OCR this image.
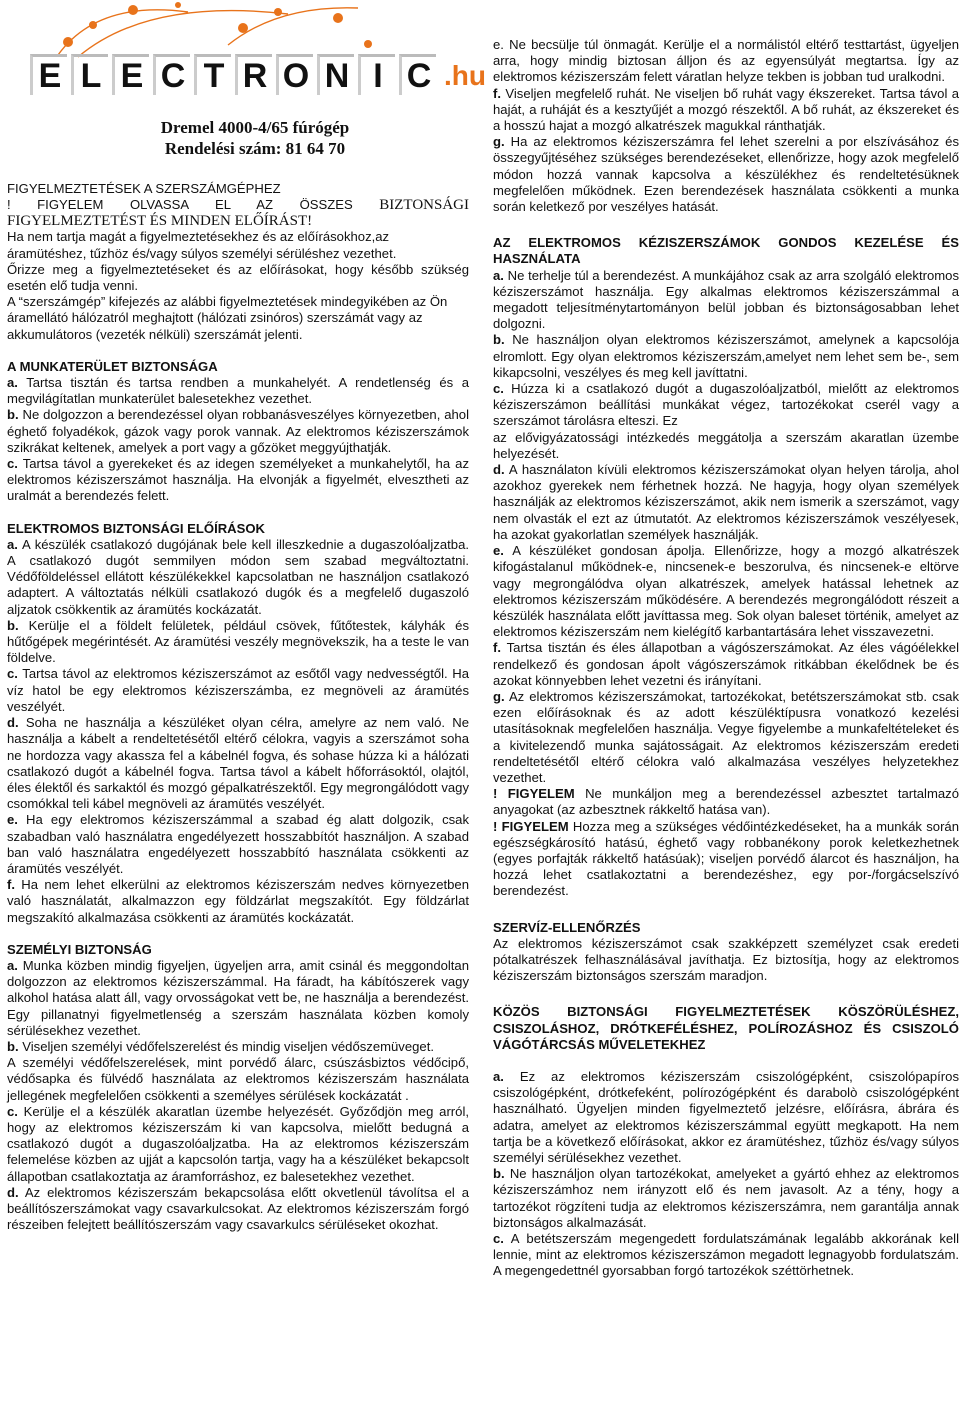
E L E C T R O N I C .hu
Dremel 4000-4/65 fúrógép
Rendelési szám: 81 64 70

FIGYELMEZTETÉSEK A SZERSZÁMGÉPHEZ

! FIGYELEM OLVASSA EL AZ ÖSSZES BIZTONSÁGI

FIGYELMEZTETÉST ÉS MINDEN ELŐÍRÁST!

Ha nem tartja magát a figyelmeztetésekhez és az előírásokhoz,az áramütéshez, tűzhöz és/vagy súlyos személyi sérüléshez vezethet.

Őrizze meg a figyelmeztetéseket és az előírásokat, hogy később szükség esetén elő tudja venni.

A “szerszámgép” kifejezés az alábbi figyelmeztetések mindegyikében az Ön áramellátó hálózatról meghajtott (hálózati zsinóros) szerszámát vagy az akkumulátoros (vezeték nélküli) szerszámát jelenti.

A MUNKATERÜLET BIZTONSÁGA

a. Tartsa tisztán és tartsa rendben a munkahelyét. A rendetlenség és a megvilágítatlan munkaterület balesetekhez vezethet.

b. Ne dolgozzon a berendezéssel olyan robbanásveszélyes környezetben, ahol éghető folyadékok, gázok vagy porok vannak. Az elektromos kéziszerszámok szikrákat keltenek, amelyek a port vagy a gőzöket meggyújthatják.

c. Tartsa távol a gyerekeket és az idegen személyeket a munkahelytől, ha az elektromos kéziszerszámot használja. Ha elvonják a figyelmét, elvesztheti az uralmát a berendezés felett.

ELEKTROMOS BIZTONSÁGI ELŐÍRÁSOK

a. A készülék csatlakozó dugójának bele kell illeszkednie a dugaszolóaljzatba. A csatlakozó dugót semmilyen módon sem szabad megváltoztatni. Védőföldeléssel ellátott készülékekkel kapcsolatban ne használjon csatlakozó adaptert. A változtatás nélküli csatlakozó dugók és a megfelelő dugaszoló aljzatok csökkentik az áramütés kockázatát.

b. Kerülje el a földelt felületek, például csövek, fűtőtestek, kályhák és hűtőgépek megérintését. Az áramütési veszély megnövekszik, ha a teste le van földelve.

c. Tartsa távol az elektromos kéziszerszámot az esőtől vagy nedvességtől. Ha víz hatol be egy elektromos kéziszerszámba, ez megnöveli az áramütés veszélyét.

d. Soha ne használja a készüléket olyan célra, amelyre az nem való. Ne használja a kábelt a rendeltetésétől eltérő célokra, vagyis a szerszámot soha ne hordozza vagy akassza fel a kábelnél fogva, és sohase húzza ki a hálózati csatlakozó dugót a kábelnél fogva. Tartsa távol a kábelt hőforrásoktól, olajtól, éles élektől és sarkaktól és mozgó gépalkatrészektől. Egy megrongálódott vagy csomókkal teli kábel megnöveli az áramütés veszélyét.

e. Ha egy elektromos kéziszerszámmal a szabad ég alatt dolgozik, csak szabadban való használatra engedélyezett hosszabbítót használjon. A szabad ban való használatra engedélyezett hosszabbító használata csökkenti az áramütés veszélyét.

f. Ha nem lehet elkerülni az elektromos kéziszerszám nedves környezetben való használatát, alkalmazzon egy földzárlat megszakítót. Egy földzárlat megszakító alkalmazása csökkenti az áramütés kockázatát.

SZEMÉLYI BIZTONSÁG

a. Munka közben mindig figyeljen, ügyeljen arra, amit csinál és meggondoltan dolgozzon az elektromos kéziszerszámmal. Ha fáradt, ha kábítószerek vagy alkohol hatása alatt áll, vagy orvosságokat vett be, ne használja a berendezést. Egy pillanatnyi figyelmetlenség a szerszám használata közben komoly sérülésekhez vezethet.

b. Viseljen személyi védőfelszerelést és mindig viseljen védőszemüveget.

A személyi védőfelszerelések, mint porvédő álarc, csúszásbiztos védőcipő, védősapka és fülvédő használata az elektromos kéziszerszám használata jellegének megfelelően csökkenti a személyes sérülések kockázatát .

c. Kerülje el a készülék akaratlan üzembe helyezését. Győződjön meg arról, hogy az elektromos kéziszerszám ki van kapcsolva, mielőtt bedugná a csatlakozó dugót a dugaszolóaljzatba. Ha az elektromos kéziszerszám felemelése közben az ujját a kapcsolón tartja, vagy ha a készüléket bekapcsolt állapotban csatlakoztatja az áramforráshoz, ez balesetekhez vezethet.

d. Az elektromos kéziszerszám bekapcsolása előtt okvetlenül távolítsa el a beállítószerszámokat vagy csavarkulcsokat. Az elektromos kéziszerszám forgó részeiben felejtett beállítószerszám vagy csavarkulcs sérüléseket okozhat.

e. Ne becsülje túl önmagát. Kerülje el a normálistól eltérő testtartást, ügyeljen arra, hogy mindig biztosan álljon és az egyensúlyát megtartsa. Így az elektromos kéziszerszám felett váratlan helyze tekben is jobban tud uralkodni.

f. Viseljen megfelelő ruhát. Ne viseljen bő ruhát vagy ékszereket. Tartsa távol a haját, a ruháját és a kesztyűjét a mozgó részektől. A bő ruhát, az ékszereket és a hosszú hajat a mozgó alkatrészek magukkal ránthatják.

g. Ha az elektromos kéziszerszámra fel lehet szerelni a por elszívásához és összegyűjtéséhez szükséges berendezéseket, ellenőrizze, hogy azok megfelelő módon hozzá vannak kapcsolva a készülékhez és rendeltetésüknek megfelelően működnek. Ezen berendezések használata csökkenti a munka során keletkező por veszélyes hatását.

AZ ELEKTROMOS KÉZISZERSZÁMOK GONDOS KEZELÉSE ÉS HASZNÁLATA

a. Ne terhelje túl a berendezést. A munkájához csak az arra szolgáló elektromos kéziszerszámot használja. Egy alkalmas elektromos kéziszerszámmal a megadott teljesítménytartományon belül jobban és biztonságosabban lehet dolgozni.

b. Ne használjon olyan elektromos kéziszerszámot, amelynek a kapcsolója elromlott. Egy olyan elektromos kéziszerszám,amelyet nem lehet sem be-, sem kikapcsolni, veszélyes és meg kell javíttatni.

c. Húzza ki a csatlakozó dugót a dugaszolóaljzatból, mielőtt az elektromos kéziszerszámon beállítási munkákat végez, tartozékokat cserél vagy a szerszámot tárolásra elteszi. Ez

az elővigyázatossági intézkedés meggátolja a szerszám akaratlan üzembe helyezését.

d. A használaton kívüli elektromos kéziszerszámokat olyan helyen tárolja, ahol azokhoz gyerekek nem férhetnek hozzá. Ne hagyja, hogy olyan személyek használják az elektromos kéziszerszámot, akik nem ismerik a szerszámot, vagy nem olvasták el ezt az útmutatót. Az elektromos kéziszerszámok veszélyesek, ha azokat gyakorlatlan személyek használják.

e. A készüléket gondosan ápolja. Ellenőrizze, hogy a mozgó alkatrészek kifogástalanul működnek-e, nincsenek-e beszorulva, és nincsenek-e eltörve vagy megrongálódva olyan alkatrészek, amelyek hatással lehetnek az elektromos kéziszerszám működésére. A berendezés megrongálódott részeit a készülék használata előtt javíttassa meg. Sok olyan baleset történik, amelyet az elektromos kéziszerszám nem kielégítő karbantartására lehet visszavezetni.

f. Tartsa tisztán és éles állapotban a vágószerszámokat. Az éles vágóélekkel rendelkező és gondosan ápolt vágószerszámok ritkábban ékelődnek be és azokat könnyebben lehet vezetni és irányítani.

g. Az elektromos kéziszerszámokat, tartozékokat, betétszerszámokat stb. csak ezen előírásoknak és az adott készüléktípusra vonatkozó kezelési utasításoknak megfelelően használja. Vegye figyelembe a munkafeltételeket és a kivitelezendő munka sajátosságait. Az elektromos kéziszerszám eredeti rendeltetésétől eltérő célokra való alkalmazása veszélyes helyzetekhez vezethet.

! FIGYELEM Ne munkáljon meg a berendezéssel azbesztet tartalmazó anyagokat (az azbesztnek rákkeltő hatása van).

! FIGYELEM Hozza meg a szükséges védőintézkedéseket, ha a munkák során egészségkárosító hatású, éghető vagy robbanékony porok keletkezhetnek (egyes porfajták rákkeltő hatásúak); viseljen porvédő álarcot és használjon, ha hozzá lehet csatlakoztatni a berendezéshez, egy por-/forgácselszívó berendezést.

SZERVÍZ-ELLENŐRZÉS

Az elektromos kéziszerszámot csak szakképzett személyzet csak eredeti pótalkatrészek felhasználásával javíthatja. Ez biztosítja, hogy az elektromos kéziszerszám biztonságos szerszám maradjon.

KÖZÖS BIZTONSÁGI FIGYELMEZTETÉSEK KÖSZÖRÜLÉSHEZ, CSISZOLÁSHOZ, DRÓTKEFÉLÉSHEZ, POLÍROZÁSHOZ ÉS CSISZOLÓ VÁGÓTÁRCSÁS MŰVELETEKHEZ

a. Ez az elektromos kéziszerszám csiszológépként, csiszolópapíros csiszológépként, drótkefeként, polírozógépként és darabolò csiszológépként használható. Ügyeljen minden figyelmeztető jelzésre, előírásra, ábrára és adatra, amelyet az elektromos kéziszerszámmal együtt megkapott. Ha nem tartja be a következő előírásokat, akkor ez áramütéshez, tűzhöz és/vagy súlyos személyi sérülésekhez vezethet.

b. Ne használjon olyan tartozékokat, amelyeket a gyártó ehhez az elektromos kéziszerszámhoz nem irányzott elő és nem javasolt. Az a tény, hogy a tartozékot rögzíteni tudja az elektromos kéziszerszámra, nem garantálja annak biztonságos alkalmazását.

c. A betétszerszám megengedett fordulatszámának legalább akkorának kell lennie, mint az elektromos kéziszerszámon megadott legnagyobb fordulatszám. A megengedettnél gyorsabban forgó tartozékok széttörhetnek.
